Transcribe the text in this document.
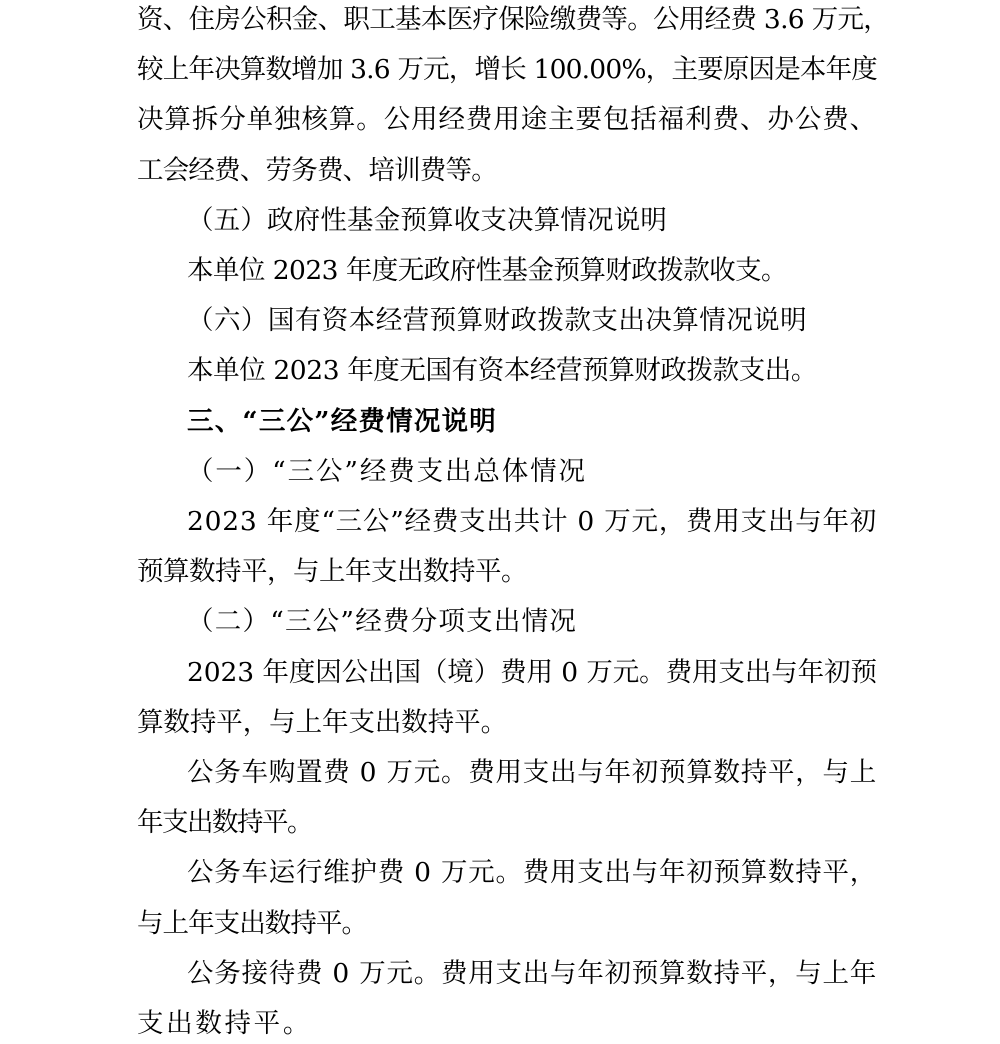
资、住房公积金、职工基本医疗保险缴费等。公用经费 3.6 万元，
较上年决算数增加 3.6 万元，增长 100.00%，主要原因是本年度
决算拆分单独核算。公用经费用途主要包括福利费、办公费、
工会经费、劳务费、培训费等。
（五）政府性基金预算收支决算情况说明
本单位 2023 年度无政府性基金预算财政拨款收支。
（六）国有资本经营预算财政拨款支出决算情况说明
本单位 2023 年度无国有资本经营预算财政拨款支出。
三、“三公”经费情况说明
（一）“三公”经费支出总体情况
2023 年度“三公”经费支出共计 0 万元，费用支出与年初
预算数持平，与上年支出数持平。
（二）“三公”经费分项支出情况
2023 年度因公出国（境）费用 0 万元。费用支出与年初预
算数持平，与上年支出数持平。
公务车购置费 0 万元。费用支出与年初预算数持平，与上
年支出数持平。
公务车运行维护费 0 万元。费用支出与年初预算数持平，
与上年支出数持平。
公务接待费 0 万元。费用支出与年初预算数持平，与上年
支出数持平。
